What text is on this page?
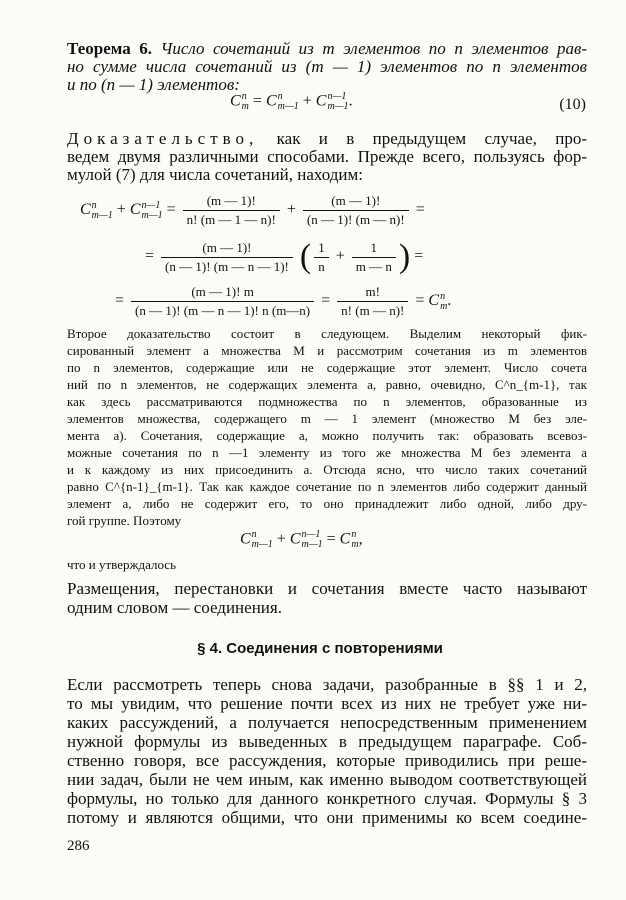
Теорема 6. Число сочетаний из m элементов по n элементов рав-
но сумме числа сочетаний из (m — 1) элементов по n элементов
и по (n — 1) элементов:
C n
m = C n
m—1 + C n—1
m—1 .	(10)
Доказательство, как и в предыдущем случае, про-
ведем двумя различными способами. Прежде всего, пользуясь фор-
мулой (7) для числа сочетаний, находим:
C n
m—1 + C n—1
m—1 = $\frac{(m — 1)!}{n! (m — 1 — n)!} + \frac{(m — 1)!}{(n — 1)! (m — n)!}$ =
= $\frac{(m — 1)!}{(n — 1)! (m — n — 1)!}$ ( $\frac{1}{n} + \frac{1}{m — n}$ ) =
= $\frac{(m — 1)! m}{(n — 1)! (m — n — 1)! n (m—n)} = \frac{m!}{n! (m — n)!} = C$ n
m .
Второе доказательство состоит в следующем. Выделим некоторый фик-
сированный элемент a множества M и рассмотрим сочетания из m элементов
по n элементов, содержащие или не содержащие этот элемент. Число сочета
ний по n элементов, не содержащих элемента a, равно, очевидно, C^n_{m-1}, так
как здесь рассматриваются подмножества по n элементов, образованные из
элементов множества, содержащего m — 1 элемент (множество M без эле-
мента a). Сочетания, содержащие a, можно получить так: образовать всевоз-
можные сочетания по n —1 элементу из того же множества M без элемента a
и к каждому из них присоединить a. Отсюда ясно, что число таких сочетаний
равно C^{n-1}_{m-1}. Так как каждое сочетание по n элементов либо содержит данный
элемент a, либо не содержит его, то оно принадлежит либо одной, либо дру-
гой группе. Поэтому
C n
m—1 + C n—1
m—1 = C n
m ,
что и утверждалось
Размещения, перестановки и сочетания вместе часто называют
одним словом — соединения.
§ 4. Соединения с повторениями
Если рассмотреть теперь снова задачи, разобранные в §§ 1 и 2,
то мы увидим, что решение почти всех из них не требует уже ни-
каких рассуждений, а получается непосредственным применением
нужной формулы из выведенных в предыдущем параграфе. Соб-
ственно говоря, все рассуждения, которые приводились при реше-
нии задач, были не чем иным, как именно выводом соответствующей
формулы, но только для данного конкретного случая. Формулы § 3
потому и являются общими, что они применимы ко всем соедине-
286
